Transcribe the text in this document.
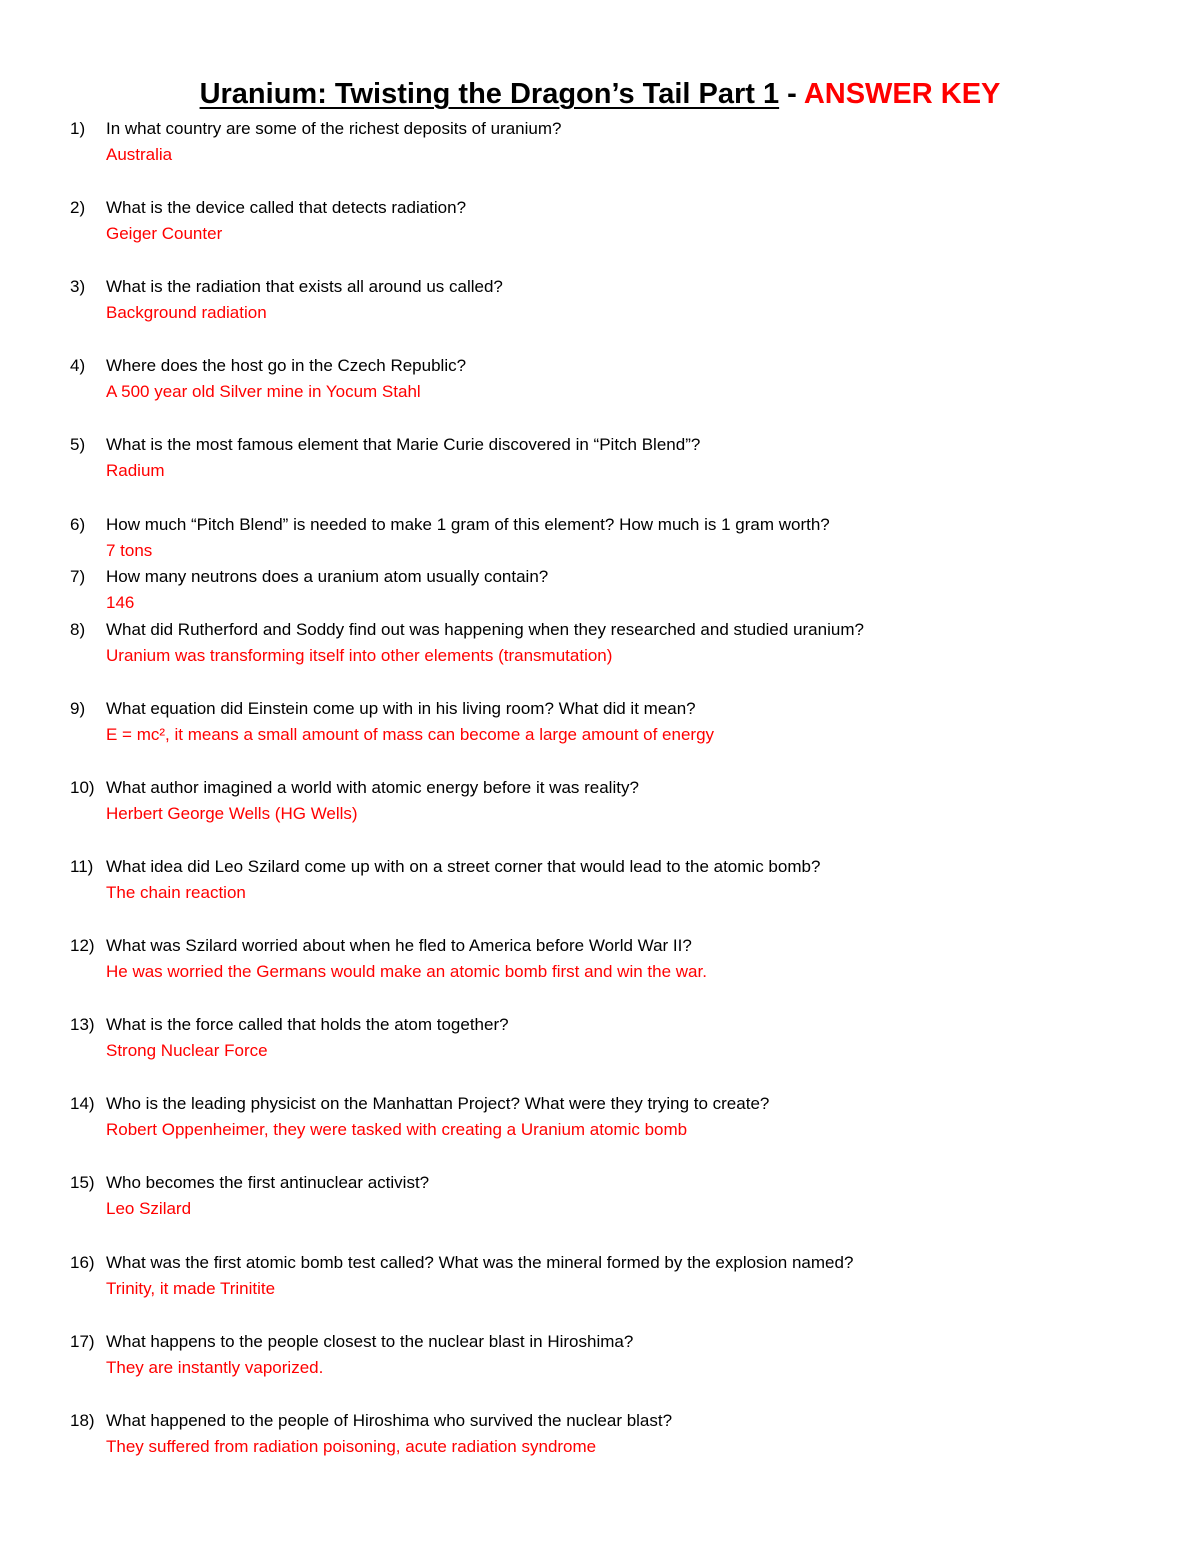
Uranium: Twisting the Dragon’s Tail Part 1 - ANSWER KEY
1)	In what country are some of the richest deposits of uranium?
Australia
2)	What is the device called that detects radiation?
Geiger Counter
3)	What is the radiation that exists all around us called?
Background radiation
4)	Where does the host go in the Czech Republic?
A 500 year old Silver mine in Yocum Stahl
5)	What is the most famous element that Marie Curie discovered in “Pitch Blend”?
Radium
6)	How much “Pitch Blend” is needed to make 1 gram of this element? How much is 1 gram worth?
7 tons
7)	How many neutrons does a uranium atom usually contain?
146
8)	What did Rutherford and Soddy find out was happening when they researched and studied uranium?
Uranium was transforming itself into other elements (transmutation)
9)	What equation did Einstein come up with in his living room? What did it mean?
E = mc², it means a small amount of mass can become a large amount of energy
10) What author imagined a world with atomic energy before it was reality?
Herbert George Wells (HG Wells)
11) What idea did Leo Szilard come up with on a street corner that would lead to the atomic bomb?
The chain reaction
12) What was Szilard worried about when he fled to America before World War II?
He was worried the Germans would make an atomic bomb first and win the war.
13) What is the force called that holds the atom together?
Strong Nuclear Force
14) Who is the leading physicist on the Manhattan Project? What were they trying to create?
Robert Oppenheimer, they were tasked with creating a Uranium atomic bomb
15) Who becomes the first antinuclear activist?
Leo Szilard
16) What was the first atomic bomb test called? What was the mineral formed by the explosion named?
Trinity, it made Trinitite
17) What happens to the people closest to the nuclear blast in Hiroshima?
They are instantly vaporized.
18) What happened to the people of Hiroshima who survived the nuclear blast?
They suffered from radiation poisoning, acute radiation syndrome
